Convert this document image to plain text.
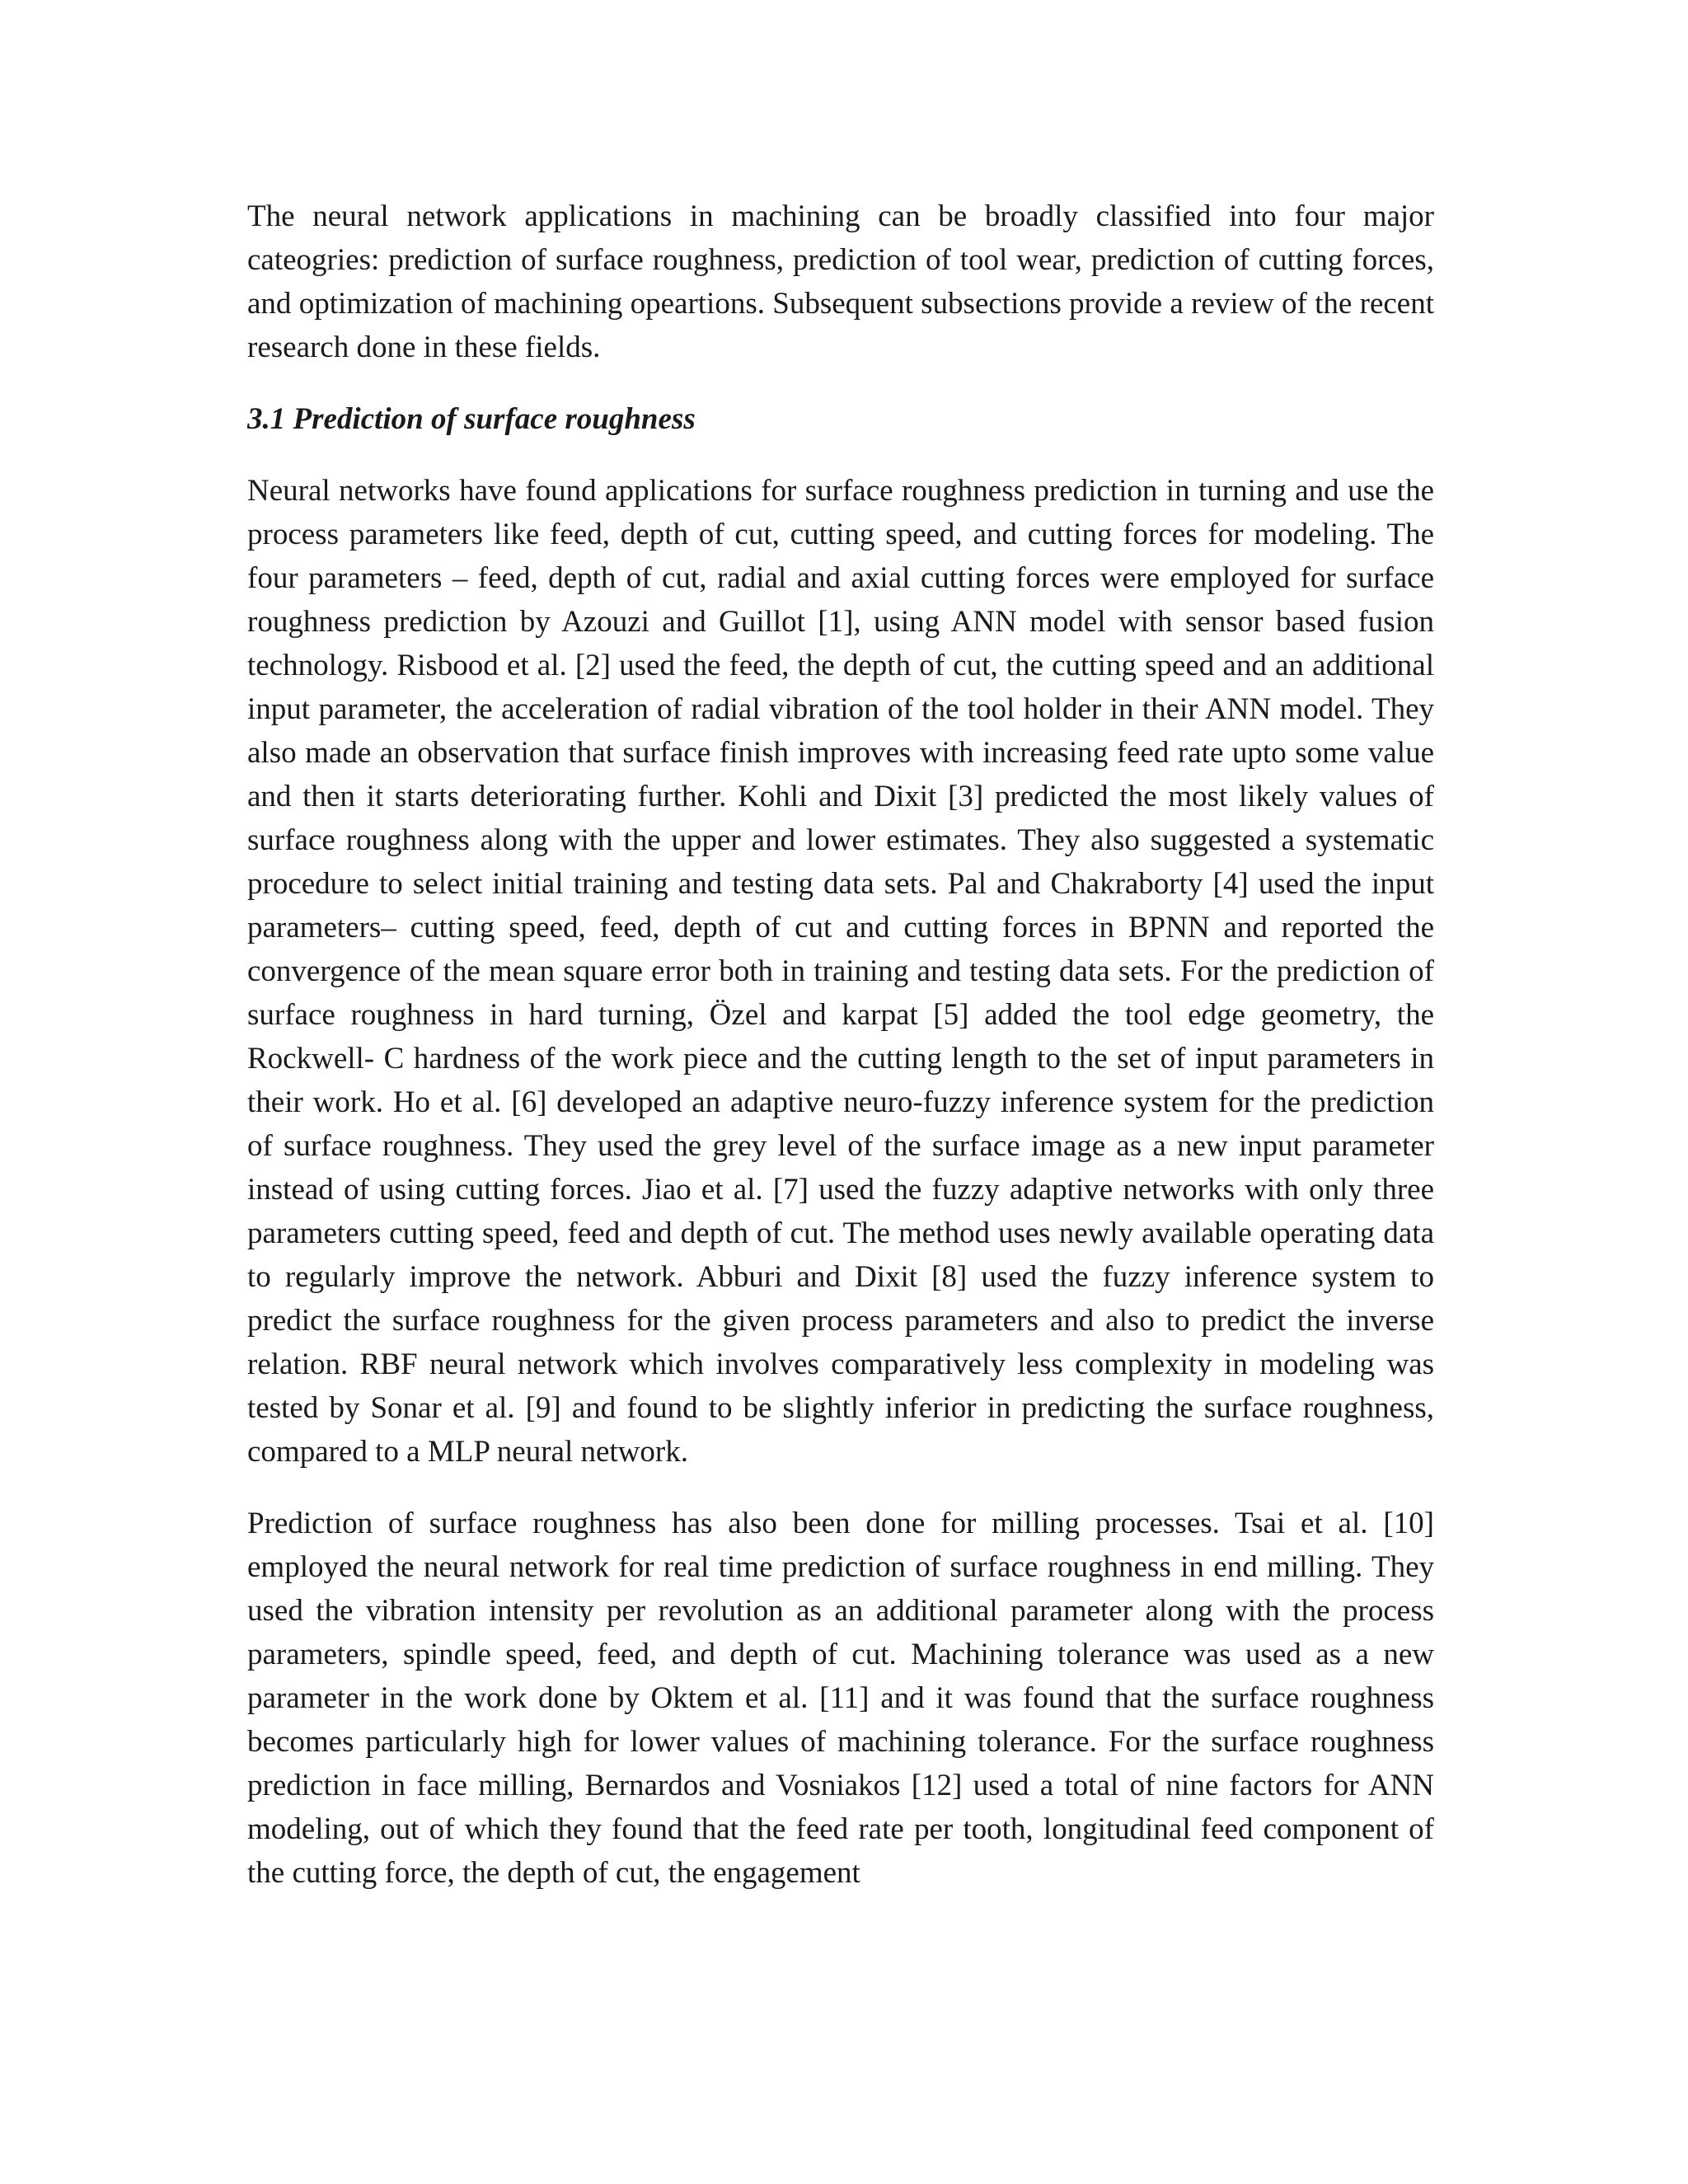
The neural network applications in machining can be broadly classified into four major cateogries: prediction of surface roughness, prediction of tool wear, prediction of cutting forces, and optimization of machining opeartions. Subsequent subsections provide a review of the recent research done in these fields.

3.1 Prediction of surface roughness

Neural networks have found applications for surface roughness prediction in turning and use the process parameters like feed, depth of cut, cutting speed, and cutting forces for modeling. The four parameters – feed, depth of cut, radial and axial cutting forces were employed for surface roughness prediction by Azouzi and Guillot [1], using ANN model with sensor based fusion technology. Risbood et al. [2] used the feed, the depth of cut, the cutting speed and an additional input parameter, the acceleration of radial vibration of the tool holder in their ANN model. They also made an observation that surface finish improves with increasing feed rate upto some value and then it starts deteriorating further. Kohli and Dixit [3] predicted the most likely values of surface roughness along with the upper and lower estimates. They also suggested a systematic procedure to select initial training and testing data sets. Pal and Chakraborty [4] used the input parameters– cutting speed, feed, depth of cut and cutting forces in BPNN and reported the convergence of the mean square error both in training and testing data sets. For the prediction of surface roughness in hard turning, Özel and karpat [5] added the tool edge geometry, the Rockwell- C hardness of the work piece and the cutting length to the set of input parameters in their work. Ho et al. [6] developed an adaptive neuro-fuzzy inference system for the prediction of surface roughness. They used the grey level of the surface image as a new input parameter instead of using cutting forces. Jiao et al. [7] used the fuzzy adaptive networks with only three parameters cutting speed, feed and depth of cut. The method uses newly available operating data to regularly improve the network. Abburi and Dixit [8] used the fuzzy inference system to predict the surface roughness for the given process parameters and also to predict the inverse relation. RBF neural network which involves comparatively less complexity in modeling was tested by Sonar et al. [9] and found to be slightly inferior in predicting the surface roughness, compared to a MLP neural network.

Prediction of surface roughness has also been done for milling processes. Tsai et al. [10] employed the neural network for real time prediction of surface roughness in end milling. They used the vibration intensity per revolution as an additional parameter along with the process parameters, spindle speed, feed, and depth of cut. Machining tolerance was used as a new parameter in the work done by Oktem et al. [11] and it was found that the surface roughness becomes particularly high for lower values of machining tolerance. For the surface roughness prediction in face milling, Bernardos and Vosniakos [12] used a total of nine factors for ANN modeling, out of which they found that the feed rate per tooth, longitudinal feed component of the cutting force, the depth of cut, the engagement
